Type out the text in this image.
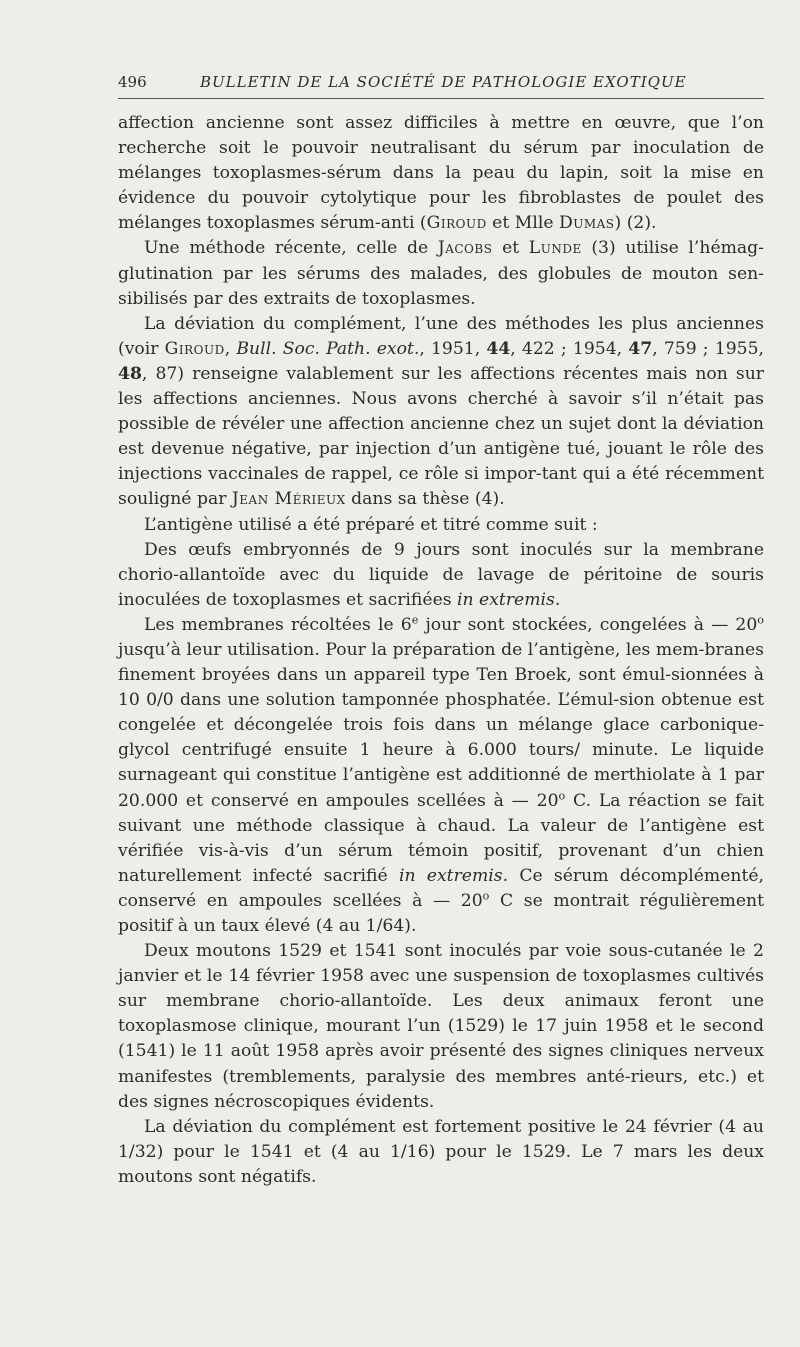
496	BULLETIN DE LA SOCIÉTÉ DE PATHOLOGIE EXOTIQUE

affection ancienne sont assez difficiles à mettre en œuvre, que l’on recherche soit le pouvoir neutralisant du sérum par inoculation de mélanges toxoplasmes-sérum dans la peau du lapin, soit la mise en évidence du pouvoir cytolytique pour les fibroblastes de poulet des mélanges toxoplasmes sérum-anti (Giroud et Mlle Dumas) (2).

Une méthode récente, celle de Jacobs et Lunde (3) utilise l’hémag-glutination par les sérums des malades, des globules de mouton sen-sibilisés par des extraits de toxoplasmes.

La déviation du complément, l’une des méthodes les plus anciennes (voir Giroud, Bull. Soc. Path. exot., 1951, 44, 422 ; 1954, 47, 759 ; 1955, 48, 87) renseigne valablement sur les affections récentes mais non sur les affections anciennes. Nous avons cherché à savoir s’il n’était pas possible de révéler une affection ancienne chez un sujet dont la déviation est devenue négative, par injection d’un antigène tué, jouant le rôle des injections vaccinales de rappel, ce rôle si impor-tant qui a été récemment souligné par Jean Mérieux dans sa thèse (4).

L’antigène utilisé a été préparé et titré comme suit :

Des œufs embryonnés de 9 jours sont inoculés sur la membrane chorio-allantoïde avec du liquide de lavage de péritoine de souris inoculées de toxoplasmes et sacrifiées in extremis.

Les membranes récoltées le 6e jour sont stockées, congelées à — 20$^o$ jusqu’à leur utilisation. Pour la préparation de l’antigène, les mem-branes finement broyées dans un appareil type Ten Broek, sont émul-sionnées à 10 0/0 dans une solution tamponnée phosphatée. L’émul-sion obtenue est congelée et décongelée trois fois dans un mélange glace carbonique-glycol centrifugé ensuite 1 heure à 6.000 tours/ minute. Le liquide surnageant qui constitue l’antigène est additionné de merthiolate à 1 par 20.000 et conservé en ampoules scellées à — 20$^o$ C. La réaction se fait suivant une méthode classique à chaud. La valeur de l’antigène est vérifiée vis-à-vis d’un sérum témoin positif, provenant d’un chien naturellement infecté sacrifié in extremis. Ce sérum décomplémenté, conservé en ampoules scellées à — 20$^o$ C se montrait régulièrement positif à un taux élevé (4 au 1/64).

Deux moutons 1529 et 1541 sont inoculés par voie sous-cutanée le 2 janvier et le 14 février 1958 avec une suspension de toxoplasmes cultivés sur membrane chorio-allantoïde. Les deux animaux feront une toxoplasmose clinique, mourant l’un (1529) le 17 juin 1958 et le second (1541) le 11 août 1958 après avoir présenté des signes cliniques nerveux manifestes (tremblements, paralysie des membres anté-rieurs, etc.) et des signes nécroscopiques évidents.

La déviation du complément est fortement positive le 24 février (4 au 1/32) pour le 1541 et (4 au 1/16) pour le 1529. Le 7 mars les deux moutons sont négatifs.
